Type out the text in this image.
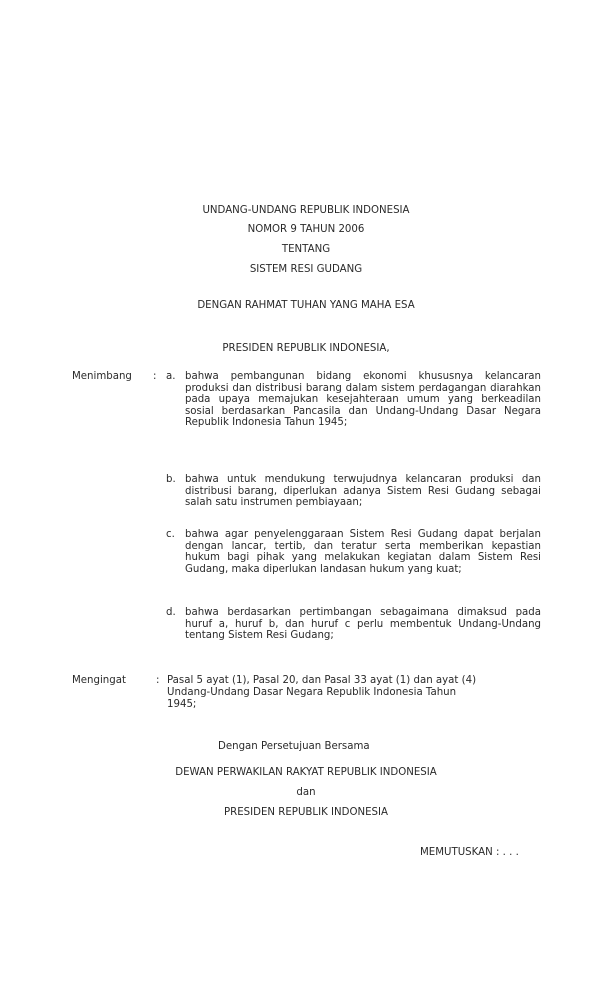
UNDANG-UNDANG REPUBLIK INDONESIA
NOMOR 9 TAHUN 2006
TENTANG
SISTEM RESI GUDANG
DENGAN RAHMAT TUHAN YANG MAHA ESA
PRESIDEN REPUBLIK INDONESIA,
Menimbang : a. bahwa pembangunan bidang ekonomi khususnya kelancaran produksi dan distribusi barang dalam sistem perdagangan diarahkan pada upaya memajukan kesejahteraan umum yang berkeadilan sosial berdasarkan Pancasila dan Undang-Undang Dasar Negara Republik Indonesia Tahun 1945;
b. bahwa untuk mendukung terwujudnya kelancaran produksi dan distribusi barang, diperlukan adanya Sistem Resi Gudang sebagai salah satu instrumen pembiayaan;
c. bahwa agar penyelenggaraan Sistem Resi Gudang dapat berjalan dengan lancar, tertib, dan teratur serta memberikan kepastian hukum bagi pihak yang melakukan kegiatan dalam Sistem Resi Gudang, maka diperlukan landasan hukum yang kuat;
d. bahwa berdasarkan pertimbangan sebagaimana dimaksud pada huruf a, huruf b, dan huruf c perlu membentuk Undang-Undang tentang Sistem Resi Gudang;
Mengingat	: Pasal 5 ayat (1), Pasal 20, dan Pasal 33 ayat (1) dan ayat (4)
Undang-Undang Dasar Negara Republik Indonesia Tahun
1945;
Dengan Persetujuan Bersama
DEWAN PERWAKILAN RAKYAT REPUBLIK INDONESIA
dan
PRESIDEN REPUBLIK INDONESIA
MEMUTUSKAN : . . .
